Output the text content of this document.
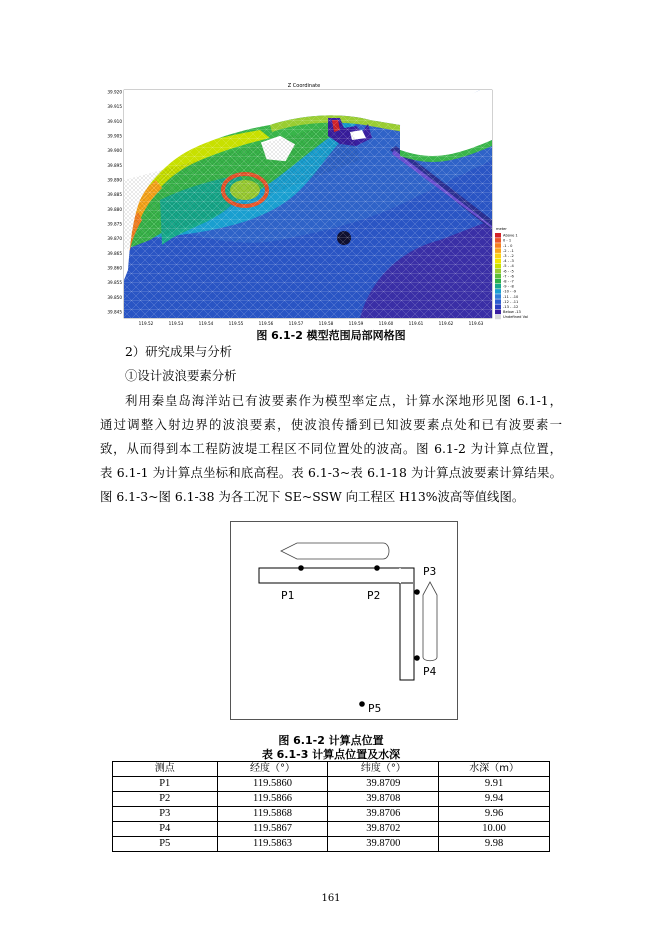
Z Coordinate
39.920
39.915
39.910
39.905
39.900
39.895
39.890
39.885
39.880
39.875
39.870
39.865
39.860
39.855
39.850
39.845
119.52	119.53	119.54	119.55	119.56	119.57	119.58	119.59	119.60	119.61	119.62	119.63
meter
Above 1
0 - 1
-1 - 0
-2 - -1
-3 - -2
-4 - -3
-5 - -4
-6 - -5
-7 - -6
-8 - -7
-9 - -8
-10 - -9
-11 - -10
-12 - -11
-13 - -12
Below -13
Undefined Val
图 6.1-2 模型范围局部网格图
2）研究成果与分析
①设计波浪要素分析
利用秦皇岛海洋站已有波要素作为模型率定点，计算水深地形见图 6.1-1，
通过调整入射边界的波浪要素，使波浪传播到已知波要素点处和已有波要素一
致，从而得到本工程防波堤工程区不同位置处的波高。图 6.1-2 为计算点位置，
表 6.1-1 为计算点坐标和底高程。表 6.1-3~表 6.1-18 为计算点波要素计算结果。
图 6.1-3~图 6.1-38 为各工况下 SE~SSW 向工程区 H13%波高等值线图。
P1	P2
P3
P4
P5
图 6.1-2 计算点位置
表 6.1-3 计算点位置及水深
测点	经度（°）	纬度（°）	水深（m）
P1	119.5860	39.8709	9.91
P2	119.5866	39.8708	9.94
P3	119.5868	39.8706	9.96
P4	119.5867	39.8702	10.00
P5	119.5863	39.8700	9.98
161
